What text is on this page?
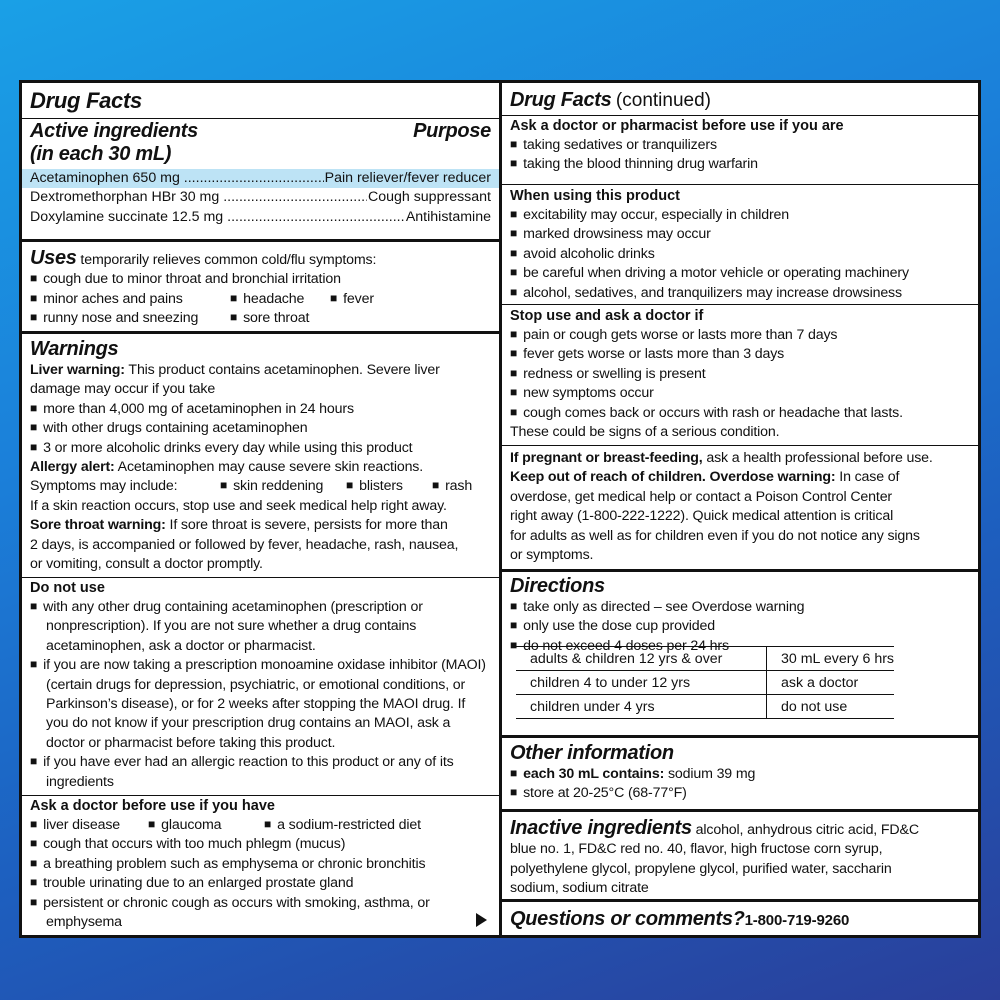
Drug Facts
Active ingredients	Purpose
(in each 30 mL)
Acetaminophen 650 mg .....	Pain reliever/fever reducer
Dextromethorphan HBr 30 mg .....	Cough suppressant
Doxylamine succinate 12.5 mg .....	Antihistamine
Uses temporarily relieves common cold/flu symptoms:
■ cough due to minor throat and bronchial irritation
■ minor aches and pains	■ headache	■ fever
■ runny nose and sneezing	■ sore throat
Warnings
Liver warning: This product contains acetaminophen. Severe liver
damage may occur if you take
■ more than 4,000 mg of acetaminophen in 24 hours
■ with other drugs containing acetaminophen
■ 3 or more alcoholic drinks every day while using this product
Allergy alert: Acetaminophen may cause severe skin reactions.
Symptoms may include:	■ skin reddening	■ blisters	■ rash
If a skin reaction occurs, stop use and seek medical help right away.
Sore throat warning: If sore throat is severe, persists for more than
2 days, is accompanied or followed by fever, headache, rash, nausea,
or vomiting, consult a doctor promptly.
Do not use
■ with any other drug containing acetaminophen (prescription or nonprescription). If you are not sure whether a drug contains acetaminophen, ask a doctor or pharmacist.
■ if you are now taking a prescription monoamine oxidase inhibitor (MAOI) (certain drugs for depression, psychiatric, or emotional conditions, or Parkinson’s disease), or for 2 weeks after stopping the MAOI drug. If you do not know if your prescription drug contains an MAOI, ask a doctor or pharmacist before taking this product.
■ if you have ever had an allergic reaction to this product or any of its ingredients
Ask a doctor before use if you have
■ liver disease	■ glaucoma	■ a sodium-restricted diet
■ cough that occurs with too much phlegm (mucus)
■ a breathing problem such as emphysema or chronic bronchitis
■ trouble urinating due to an enlarged prostate gland
■ persistent or chronic cough as occurs with smoking, asthma, or emphysema
Drug Facts (continued)
Ask a doctor or pharmacist before use if you are
■ taking sedatives or tranquilizers
■ taking the blood thinning drug warfarin
When using this product
■ excitability may occur, especially in children
■ marked drowsiness may occur
■ avoid alcoholic drinks
■ be careful when driving a motor vehicle or operating machinery
■ alcohol, sedatives, and tranquilizers may increase drowsiness
Stop use and ask a doctor if
■ pain or cough gets worse or lasts more than 7 days
■ fever gets worse or lasts more than 3 days
■ redness or swelling is present
■ new symptoms occur
■ cough comes back or occurs with rash or headache that lasts.
These could be signs of a serious condition.
If pregnant or breast-feeding, ask a health professional before use.
Keep out of reach of children. Overdose warning: In case of
overdose, get medical help or contact a Poison Control Center
right away (1-800-222-1222). Quick medical attention is critical
for adults as well as for children even if you do not notice any signs
or symptoms.
Directions
■ take only as directed – see Overdose warning
■ only use the dose cup provided
■ do not exceed 4 doses per 24 hrs
adults & children 12 yrs & over	30 mL every 6 hrs
children 4 to under 12 yrs	ask a doctor
children under 4 yrs	do not use
Other information
■ each 30 mL contains: sodium 39 mg
■ store at 20-25°C (68-77°F)
Inactive ingredients alcohol, anhydrous citric acid, FD&C
blue no. 1, FD&C red no. 40, flavor, high fructose corn syrup,
polyethylene glycol, propylene glycol, purified water, saccharin
sodium, sodium citrate
Questions or comments?1-800-719-9260
